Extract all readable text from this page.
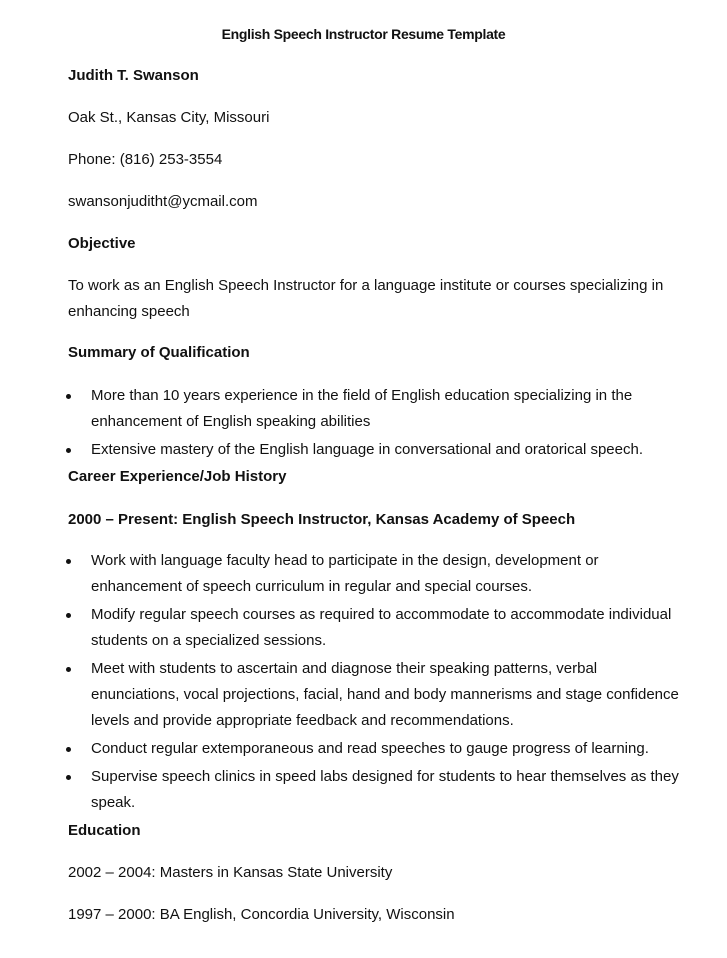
English Speech Instructor Resume Template
Judith T. Swanson
Oak St., Kansas City, Missouri
Phone: (816) 253-3554
swansonjuditht@ycmail.com
Objective
To work as an English Speech Instructor for a language institute or courses specializing in enhancing speech
Summary of Qualification
More than 10 years experience in the field of English education specializing in the enhancement of English speaking abilities
Extensive mastery of the English language in conversational and oratorical speech.
Career Experience/Job History
2000 – Present: English Speech Instructor, Kansas Academy of Speech
Work with language faculty head to participate in the design, development or enhancement of speech curriculum in regular and special courses.
Modify regular speech courses as required to accommodate to accommodate individual students on a specialized sessions.
Meet with students to ascertain and diagnose their speaking patterns, verbal enunciations, vocal projections, facial, hand and body mannerisms and stage confidence levels and provide appropriate feedback and recommendations.
Conduct regular extemporaneous and read speeches to gauge progress of learning.
Supervise speech clinics in speed labs designed for students to hear themselves as they speak.
Education
2002 – 2004: Masters in Kansas State University
1997 – 2000: BA English, Concordia University, Wisconsin
